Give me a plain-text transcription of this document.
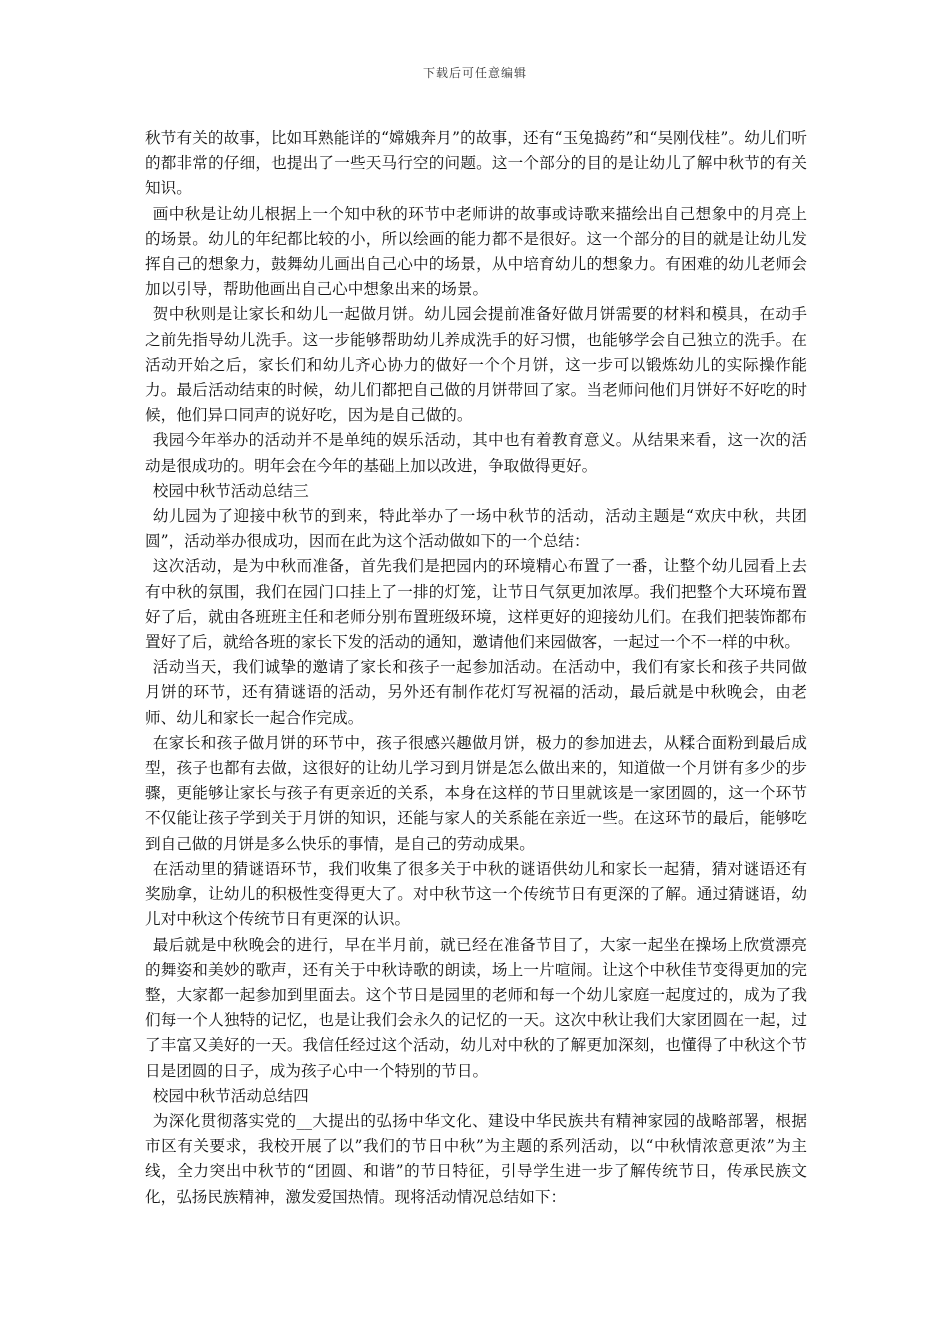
下载后可任意编辑

秋节有关的故事，比如耳熟能详的“嫦娥奔月”的故事，还有“玉兔捣药”和“吴刚伐桂”。幼儿们听的都非常的仔细，也提出了一些天马行空的问题。这一个部分的目的是让幼儿了解中秋节的有关知识。

画中秋是让幼儿根据上一个知中秋的环节中老师讲的故事或诗歌来描绘出自己想象中的月亮上的场景。幼儿的年纪都比较的小，所以绘画的能力都不是很好。这一个部分的目的就是让幼儿发挥自己的想象力，鼓舞幼儿画出自己心中的场景，从中培育幼儿的想象力。有困难的幼儿老师会加以引导，帮助他画出自己心中想象出来的场景。

贺中秋则是让家长和幼儿一起做月饼。幼儿园会提前准备好做月饼需要的材料和模具，在动手之前先指导幼儿洗手。这一步能够帮助幼儿养成洗手的好习惯，也能够学会自己独立的洗手。在活动开始之后，家长们和幼儿齐心协力的做好一个个月饼，这一步可以锻炼幼儿的实际操作能力。最后活动结束的时候，幼儿们都把自己做的月饼带回了家。当老师问他们月饼好不好吃的时候，他们异口同声的说好吃，因为是自己做的。

我园今年举办的活动并不是单纯的娱乐活动，其中也有着教育意义。从结果来看，这一次的活动是很成功的。明年会在今年的基础上加以改进，争取做得更好。

校园中秋节活动总结三

幼儿园为了迎接中秋节的到来，特此举办了一场中秋节的活动，活动主题是“欢庆中秋，共团圆”，活动举办很成功，因而在此为这个活动做如下的一个总结：

这次活动，是为中秋而准备，首先我们是把园内的环境精心布置了一番，让整个幼儿园看上去有中秋的氛围，我们在园门口挂上了一排的灯笼，让节日气氛更加浓厚。我们把整个大环境布置好了后，就由各班班主任和老师分别布置班级环境，这样更好的迎接幼儿们。在我们把装饰都布置好了后，就给各班的家长下发的活动的通知，邀请他们来园做客，一起过一个不一样的中秋。

活动当天，我们诚挚的邀请了家长和孩子一起参加活动。在活动中，我们有家长和孩子共同做月饼的环节，还有猜谜语的活动，另外还有制作花灯写祝福的活动，最后就是中秋晚会，由老师、幼儿和家长一起合作完成。

在家长和孩子做月饼的环节中，孩子很感兴趣做月饼，极力的参加进去，从糅合面粉到最后成型，孩子也都有去做，这很好的让幼儿学习到月饼是怎么做出来的，知道做一个月饼有多少的步骤，更能够让家长与孩子有更亲近的关系，本身在这样的节日里就该是一家团圆的，这一个环节不仅能让孩子学到关于月饼的知识，还能与家人的关系能在亲近一些。在这环节的最后，能够吃到自己做的月饼是多么快乐的事情，是自己的劳动成果。

在活动里的猜谜语环节，我们收集了很多关于中秋的谜语供幼儿和家长一起猜，猜对谜语还有奖励拿，让幼儿的积极性变得更大了。对中秋节这一个传统节日有更深的了解。通过猜谜语，幼儿对中秋这个传统节日有更深的认识。

最后就是中秋晚会的进行，早在半月前，就已经在准备节目了，大家一起坐在操场上欣赏漂亮的舞姿和美妙的歌声，还有关于中秋诗歌的朗读，场上一片喧闹。让这个中秋佳节变得更加的完整，大家都一起参加到里面去。这个节日是园里的老师和每一个幼儿家庭一起度过的，成为了我们每一个人独特的记忆，也是让我们会永久的记忆的一天。这次中秋让我们大家团圆在一起，过了丰富又美好的一天。我信任经过这个活动，幼儿对中秋的了解更加深刻，也懂得了中秋这个节日是团圆的日子，成为孩子心中一个特别的节日。

校园中秋节活动总结四

为深化贯彻落实党的__大提出的弘扬中华文化、建设中华民族共有精神家园的战略部署，根据市区有关要求，我校开展了以”我们的节日中秋”为主题的系列活动，以“中秋情浓意更浓”为主线，全力突出中秋节的“团圆、和谐”的节日特征，引导学生进一步了解传统节日，传承民族文化，弘扬民族精神，激发爱国热情。现将活动情况总结如下：
